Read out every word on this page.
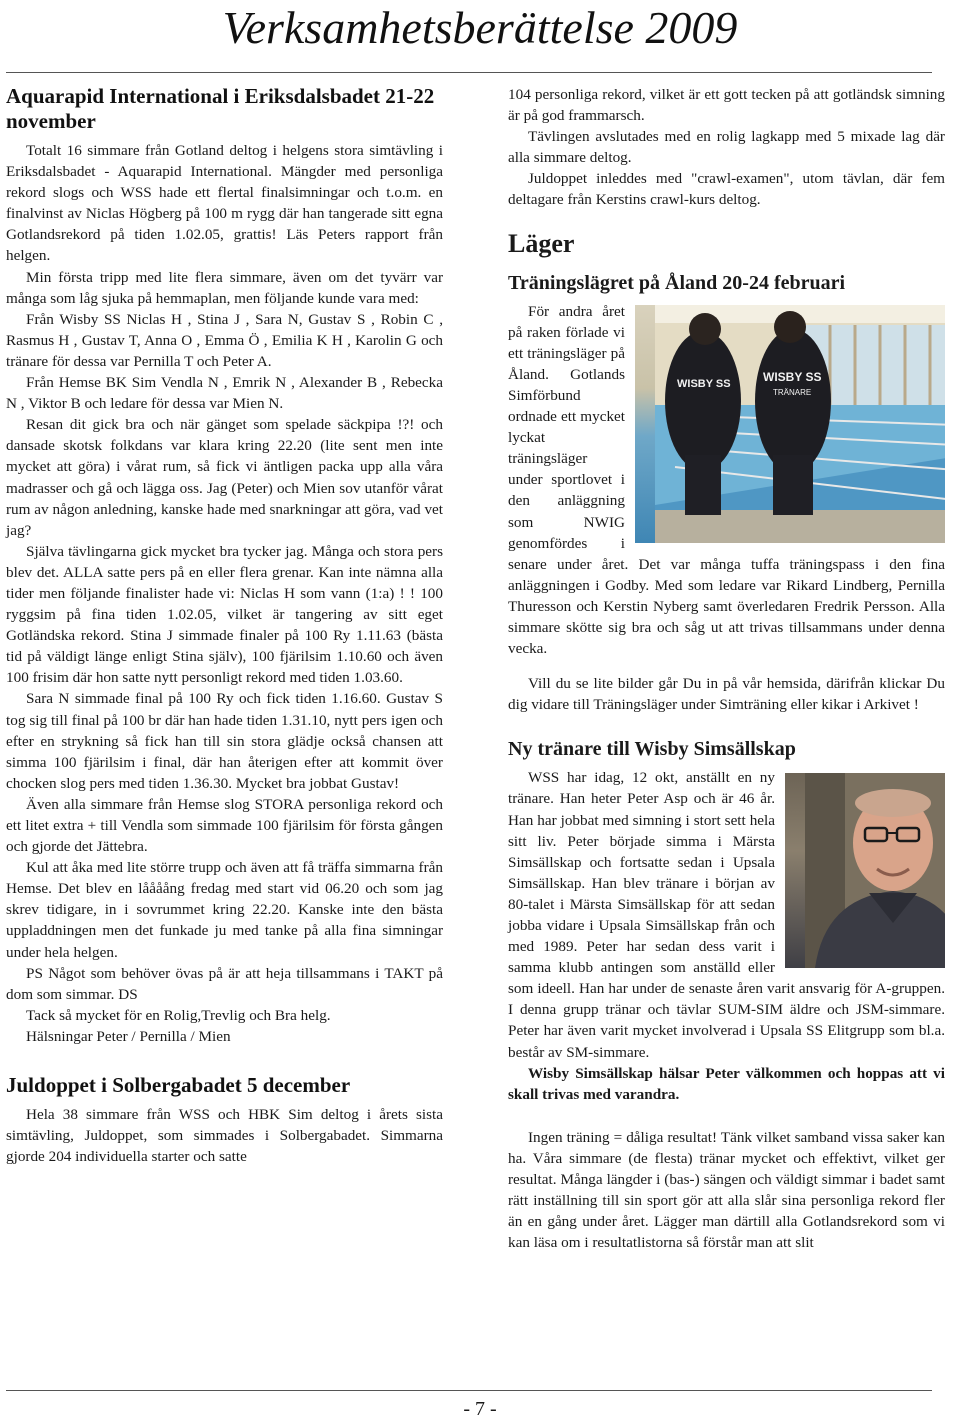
Verksamhetsberättelse 2009
Aquarapid International i Eriksdalsbadet 21-22 november

Totalt 16 simmare från Gotland deltog i helgens stora simtävling i Eriksdalsbadet - Aquarapid International. Mängder med personliga rekord slogs och WSS hade ett flertal finalsimningar och t.o.m. en finalvinst av Niclas Högberg på 100 m rygg där han tangerade sitt egna Gotlandsrekord på tiden 1.02.05, grattis! Läs Peters rapport från helgen.

Min första tripp med lite flera simmare, även om det tyvärr var många som låg sjuka på hemmaplan, men följande kunde vara med:

Från Wisby SS Niclas H , Stina J , Sara N, Gustav S , Robin C , Rasmus H , Gustav T, Anna O , Emma Ö , Emilia K H , Karolin G och tränare för dessa var Pernilla T och Peter A.

Från Hemse BK Sim Vendla N , Emrik N , Alexander B , Rebecka N , Viktor B och ledare för dessa var Mien N.

Resan dit gick bra och när gänget som spelade säckpipa !?! och dansade skotsk folkdans var klara kring 22.20 (lite sent men inte mycket att göra) i vårat rum, så fick vi äntligen packa upp alla våra madrasser och gå och lägga oss. Jag (Peter) och Mien sov utanför vårat rum av någon anledning, kanske hade med snarkningar att göra, vad vet jag?

Själva tävlingarna gick mycket bra tycker jag. Många och stora pers blev det. ALLA satte pers på en eller flera grenar. Kan inte nämna alla tider men följande finalister hade vi: Niclas H som vann (1:a) ! ! 100 ryggsim på fina tiden 1.02.05, vilket är tangering av sitt eget Gotländska rekord. Stina J simmade finaler på 100 Ry 1.11.63 (bästa tid på väldigt länge enligt Stina själv), 100 fjärilsim 1.10.60 och även 100 frisim där hon satte nytt personligt rekord med tiden 1.03.60.

Sara N simmade final på 100 Ry och fick tiden 1.16.60. Gustav S tog sig till final på 100 br där han hade tiden 1.31.10, nytt pers igen och efter en strykning så fick han till sin stora glädje också chansen att simma 100 fjärilsim i final, där han återigen efter att kommit över chocken slog pers med tiden 1.36.30. Mycket bra jobbat Gustav!

Även alla simmare från Hemse slog STORA personliga rekord och ett litet extra + till Vendla som simmade 100 fjärilsim för första gången och gjorde det Jättebra.

Kul att åka med lite större trupp och även att få träffa simmarna från Hemse. Det blev en låååång fredag med start vid 06.20 och som jag skrev tidigare, in i sovrummet kring 22.20. Kanske inte den bästa uppladdningen men det funkade ju med tanke på alla fina simningar under hela helgen.

PS Något som behöver övas på är att heja tillsammans i TAKT på dom som simmar. DS

Tack så mycket för en Rolig,Trevlig och Bra helg.

Hälsningar Peter / Pernilla / Mien

Juldoppet i Solbergabadet 5 december

Hela 38 simmare från WSS och HBK Sim deltog i årets sista simtävling, Juldoppet, som simmades i Solbergabadet. Simmarna gjorde 204 individuella starter och satte

104 personliga rekord, vilket är ett gott tecken på att gotländsk simning är på god frammarsch.

Tävlingen avslutades med en rolig lagkapp med 5 mixade lag där alla simmare deltog.

Juldoppet inleddes med "crawl-examen", utom tävlan, där fem deltagare från Kerstins crawl-kurs deltog.

Läger
Träningslägret på Åland 20-24 februari

WISBY SS	WISBY SS
TRÄNARE
För andra året på raken förlade vi ett träningsläger på Åland. Gotlands Simförbund ordnade ett mycket lyckat träningsläger under sportlovet i den anläggning som NWIG genomfördes i senare under året. Det var många tuffa träningspass i den fina anläggningen i Godby. Med som ledare var Rikard Lindberg, Pernilla Thuresson och Kerstin Nyberg samt överledaren Fredrik Persson. Alla simmare skötte sig bra och såg ut att trivas tillsammans under denna vecka.

Vill du se lite bilder går Du in på vår hemsida, därifrån klickar Du dig vidare till Träningsläger under Simträning eller kikar i Arkivet !

Ny tränare till Wisby Simsällskap

WSS har idag, 12 okt, anställt en ny tränare. Han heter Peter Asp och är 46 år. Han har jobbat med simning i stort sett hela sitt liv. Peter började simma i Märsta Simsällskap och fortsatte sedan i Upsala Simsällskap. Han blev tränare i början av 80-talet i Märsta Simsällskap för att sedan jobba vidare i Upsala Simsällskap från och med 1989. Peter har sedan dess varit i samma klubb antingen som anställd eller som ideell. Han har under de senaste åren varit ansvarig för A-gruppen. I denna grupp tränar och tävlar SUM-SIM äldre och JSM-simmare. Peter har även varit mycket involverad i Upsala SS Elitgrupp som bl.a. består av SM-simmare.

Wisby Simsällskap hälsar Peter välkommen och hoppas att vi skall trivas med varandra.

Ingen träning = dåliga resultat! Tänk vilket samband vissa saker kan ha. Våra simmare (de flesta) tränar mycket och effektivt, vilket ger resultat. Många längder i (bas-) sängen och väldigt simmar i badet samt rätt inställning till sin sport gör att alla slår sina personliga rekord fler än en gång under året. Lägger man därtill alla Gotlandsrekord som vi kan läsa om i resultatlistorna så förstår man att slit

- 7 -
